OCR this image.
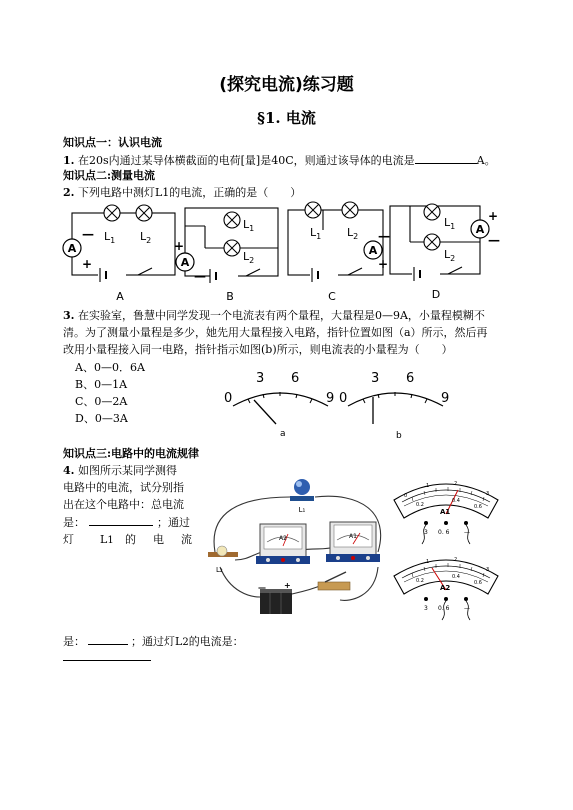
(探究电流)练习题
§1. 电流
知识点一：认识电流
1. 在20s内通过某导体横截面的电荷[量]是40C，则通过该导体的电流是	A。
知识点二:测量电流
2. 下列电路中测灯L1的电流，正确的是（　　）
A
A
A
A
$L_1$ $L_2$
$L_1$
$L_2$
$L_1$ $L_2$
$L_1$
$L_2$
—
+
+
—
—
+
+
—
A	B	C	D
3. 在实验室，鲁慧中同学发现一个电流表有两个量程，大量程是0—9A，小量程模糊不
清。为了测量小量程是多少，她先用大量程接入电路，指针位置如图（a）所示，然后再
改用小量程接入同一电路，指针指示如图(b)所示，则电流表的小量程为（　　）
A、0—0．6A
B、0—1A
C、0—2A
D、0—3A
0
3 6
9 0
3 6
9
a	b
知识点三:电路中的电流规律
4. 如图所示某同学测得
电路中的电流，试分别指
出在这个电路中：总电流
是：	；通过
灯 L1 的 电 流
是：	；通过灯L2的电流是：
L₁
L₂
A2	A1
— +
0
1	2
3
0.2
0.4
0.6
A1
3 0. 6 —
1	2
3
0.2
0.4
0.6
A2
3 0. 6 —
